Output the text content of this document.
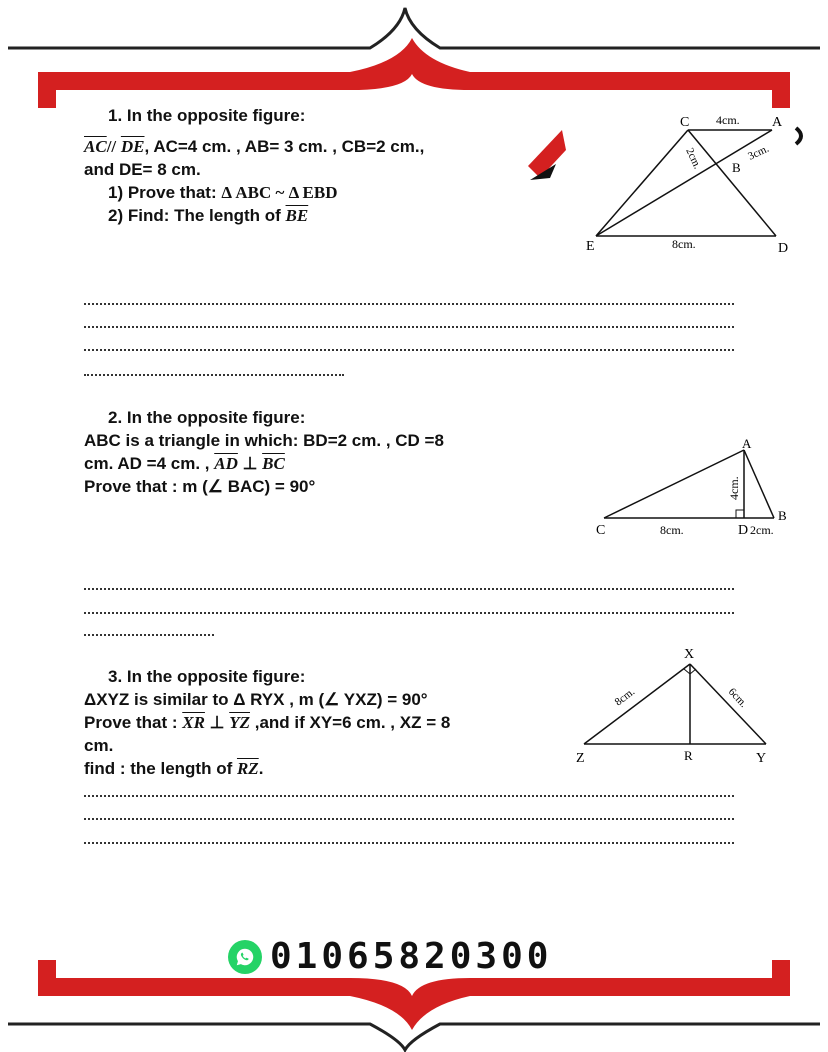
1. In the opposite figure:
$\overline{AC}//$ $\overline{DE}$, AC=4 cm. , AB= 3 cm. , CB=2 cm.,
and DE= 8 cm.
1) Prove that: Δ ABC ~ Δ EBD
2) Find: The length of $\overline{BE}$
C	A
B
E	D
4cm.
2cm.	3cm.
8cm.
2. In the opposite figure:
ABC is a triangle in which: BD=2 cm. , CD =8
cm. AD =4 cm. , $\overline{AD}$ ⊥ $\overline{BC}$
Prove that : m (∠ BAC) = 90°
A
B
C	D
8cm.	2cm.
4cm.
3. In the opposite figure:
ΔXYZ is similar to Δ RYX , m (∠ YXZ) = 90°
Prove that : $\overline{XR}$ ⊥ $\overline{YZ}$ ,and if XY=6 cm. , XZ = 8
cm.
find : the length of $\overline{RZ}$.
X
Y
Z	R
8cm.	6cm.
01065820300
